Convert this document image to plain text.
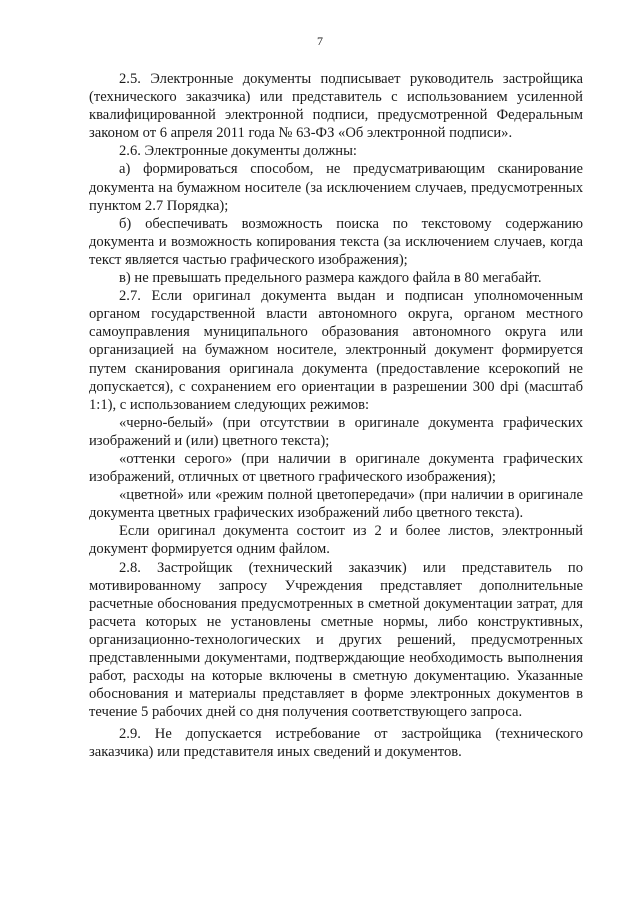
7

2.5. Электронные документы подписывает руководитель застройщика (технического заказчика) или представитель с использованием усиленной квалифицированной электронной подписи, предусмотренной Федеральным законом от 6 апреля 2011 года № 63-ФЗ «Об электронной подписи».

2.6. Электронные документы должны:

а) формироваться способом, не предусматривающим сканирование документа на бумажном носителе (за исключением случаев, предусмотренных пунктом 2.7 Порядка);

б) обеспечивать возможность поиска по текстовому содержанию документа и возможность копирования текста (за исключением случаев, когда текст является частью графического изображения);

в) не превышать предельного размера каждого файла в 80 мегабайт.

2.7. Если оригинал документа выдан и подписан уполномоченным органом государственной власти автономного округа, органом местного самоуправления муниципального образования автономного округа или организацией на бумажном носителе, электронный документ формируется путем сканирования оригинала документа (предоставление ксерокопий не допускается), с сохранением его ориентации в разрешении 300 dpi (масштаб 1:1), с использованием следующих режимов:

«черно-белый» (при отсутствии в оригинале документа графических изображений и (или) цветного текста);

«оттенки серого» (при наличии в оригинале документа графических изображений, отличных от цветного графического изображения);

«цветной» или «режим полной цветопередачи» (при наличии в оригинале документа цветных графических изображений либо цветного текста).

Если оригинал документа состоит из 2 и более листов, электронный документ формируется одним файлом.

2.8. Застройщик (технический заказчик) или представитель по мотивированному запросу Учреждения представляет дополнительные расчетные обоснования предусмотренных в сметной документации затрат, для расчета которых не установлены сметные нормы, либо конструктивных, организационно-технологических и других решений, предусмотренных представленными документами, подтверждающие необходимость выполнения работ, расходы на которые включены в сметную документацию. Указанные обоснования и материалы представляет в форме электронных документов в течение 5 рабочих дней со дня получения соответствующего запроса.

2.9. Не допускается истребование от застройщика (технического заказчика) или представителя иных сведений и документов.
